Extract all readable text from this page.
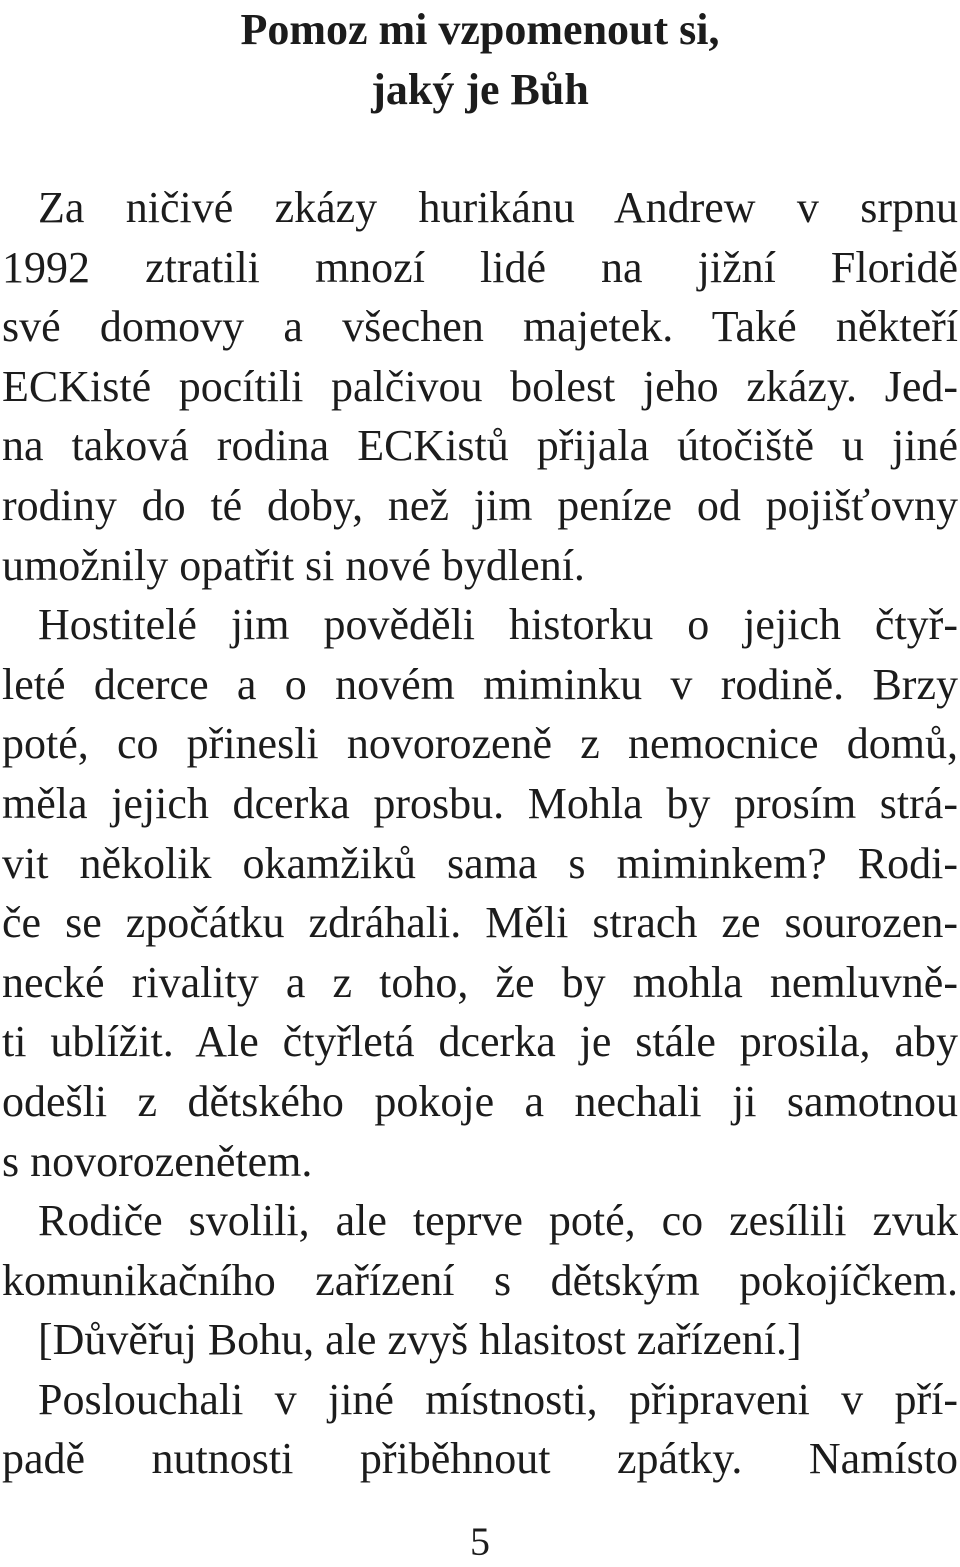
Pomoz mi vzpomenout si,
jaký je Bůh
Za ničivé zkázy hurikánu Andrew v srpnu
1992 ztratili mnozí lidé na jižní Floridě
své domovy a všechen majetek. Také někteří
ECKisté pocítili palčivou bolest jeho zkázy. Jed-
na taková rodina ECKistů přijala útočiště u jiné
rodiny do té doby, než jim peníze od pojišťovny
umožnily opatřit si nové bydlení.
Hostitelé jim pověděli historku o jejich čtyř-
leté dcerce a o novém miminku v rodině. Brzy
poté, co přinesli novorozeně z nemocnice domů,
měla jejich dcerka prosbu. Mohla by prosím strá-
vit několik okamžiků sama s miminkem? Rodi-
če se zpočátku zdráhali. Měli strach ze sourozen-
necké rivality a z toho, že by mohla nemluvně-
ti ublížit. Ale čtyřletá dcerka je stále prosila, aby
odešli z dětského pokoje a nechali ji samotnou
s novorozenětem.
Rodiče svolili, ale teprve poté, co zesílili zvuk
komunikačního zařízení s dětským pokojíčkem.
[Důvěřuj Bohu, ale zvyš hlasitost zařízení.]
Poslouchali v jiné místnosti, připraveni v pří-
padě nutnosti přiběhnout zpátky. Namísto
5
